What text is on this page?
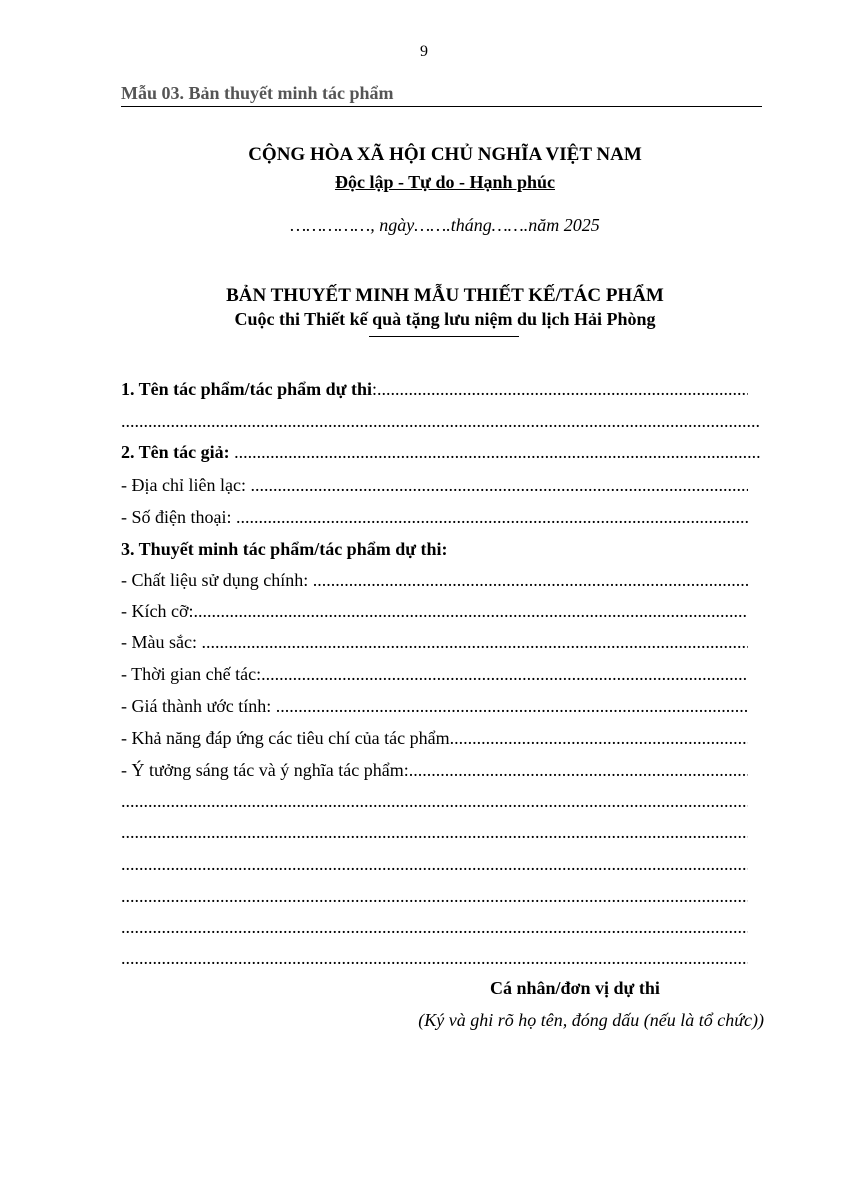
9
Mẫu 03. Bản thuyết minh tác phẩm
CỘNG HÒA XÃ HỘI CHỦ NGHĨA VIỆT NAM
Độc lập - Tự do - Hạnh phúc
……………, ngày…….tháng…….năm 2025
BẢN THUYẾT MINH MẪU THIẾT KẾ/TÁC PHẨM
Cuộc thi Thiết kế quà tặng lưu niệm du lịch Hải Phòng
1. Tên tác phẩm/tác phẩm dự thi: .....
.....
2. Tên tác giả: .....
- Địa chỉ liên lạc: .....
- Số điện thoại: .....
3. Thuyết minh tác phẩm/tác phẩm dự thi:
- Chất liệu sử dụng chính: .....
- Kích cỡ: .....
- Màu sắc: .....
- Thời gian chế tác: .....
- Giá thành ước tính: .....
- Khả năng đáp ứng các tiêu chí của tác phẩm .....
- Ý tưởng sáng tác và ý nghĩa tác phẩm: .....
.....
.....
.....
.....
.....
.....
Cá nhân/đơn vị dự thi
(Ký và ghi rõ họ tên, đóng dấu (nếu là tổ chức))
